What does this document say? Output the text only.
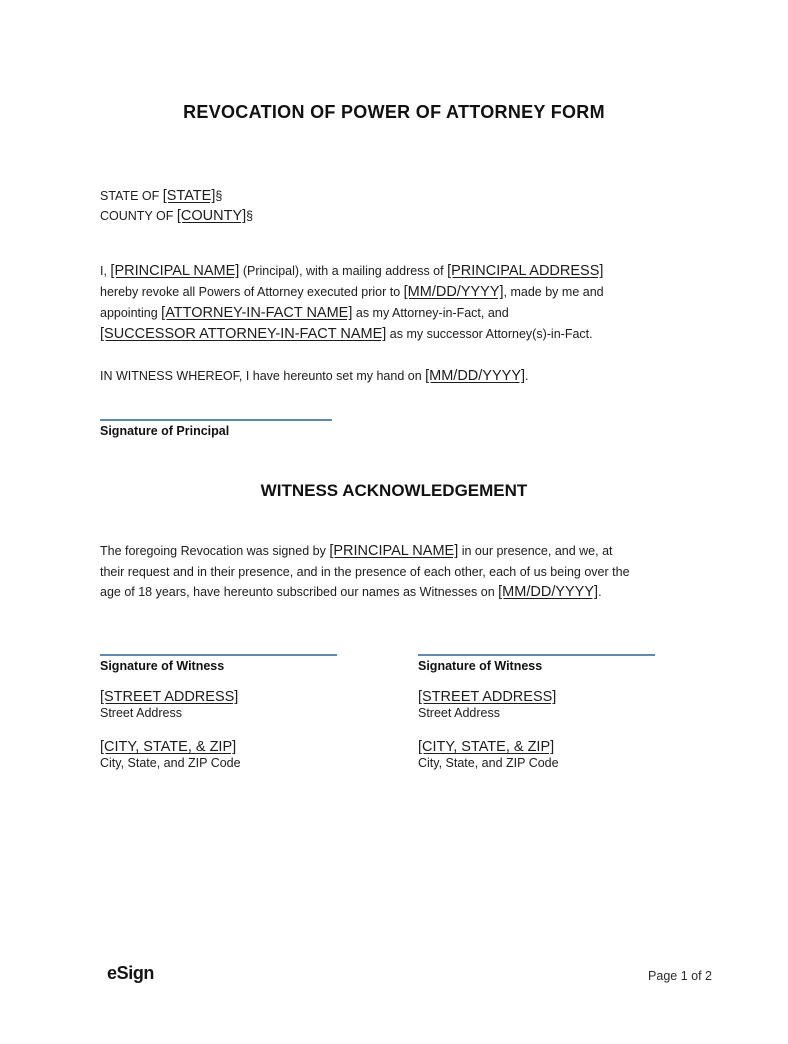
REVOCATION OF POWER OF ATTORNEY FORM
STATE OF [STATE]§
COUNTY OF [COUNTY]§
I, [PRINCIPAL NAME] (Principal), with a mailing address of [PRINCIPAL ADDRESS]
hereby revoke all Powers of Attorney executed prior to [MM/DD/YYYY], made by me and
appointing [ATTORNEY-IN-FACT NAME] as my Attorney-in-Fact, and
[SUCCESSOR ATTORNEY-IN-FACT NAME] as my successor Attorney(s)-in-Fact.
IN WITNESS WHEREOF, I have hereunto set my hand on [MM/DD/YYYY].
Signature of Principal
WITNESS ACKNOWLEDGEMENT
The foregoing Revocation was signed by [PRINCIPAL NAME] in our presence, and we, at
their request and in their presence, and in the presence of each other, each of us being over the
age of 18 years, have hereunto subscribed our names as Witnesses on [MM/DD/YYYY].
Signature of Witness
[STREET ADDRESS]
Street Address
[CITY, STATE, & ZIP]
City, State, and ZIP Code
Signature of Witness
[STREET ADDRESS]
Street Address
[CITY, STATE, & ZIP]
City, State, and ZIP Code
eSign	Page 1 of 2
